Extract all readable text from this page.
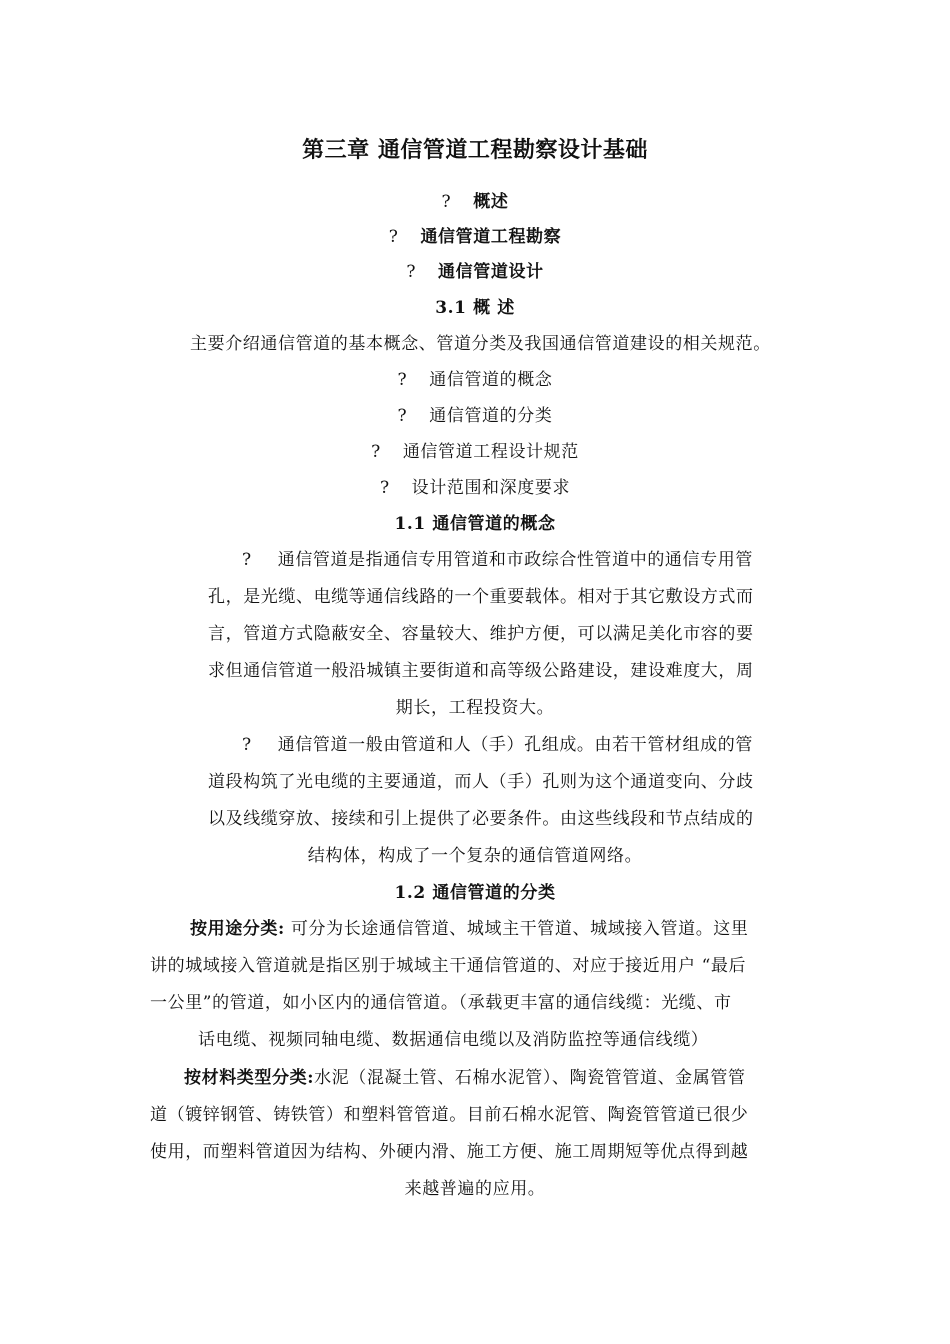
第三章 通信管道工程勘察设计基础
? 概述
? 通信管道工程勘察
? 通信管道设计
3.1 概 述
主要介绍通信管道的基本概念、管道分类及我国通信管道建设的相关规范。
? 通信管道的概念
? 通信管道的分类
? 通信管道工程设计规范
? 设计范围和深度要求
1.1 通信管道的概念
? 通信管道是指通信专用管道和市政综合性管道中的通信专用管
孔，是光缆、电缆等通信线路的一个重要载体。相对于其它敷设方式而
言，管道方式隐蔽安全、容量较大、维护方便，可以满足美化市容的要
求但通信管道一般沿城镇主要街道和高等级公路建设，建设难度大，周
期长，工程投资大。
? 通信管道一般由管道和人（手）孔组成。由若干管材组成的管
道段构筑了光电缆的主要通道，而人（手）孔则为这个通道变向、分歧
以及线缆穿放、接续和引上提供了必要条件。由这些线段和节点结成的
结构体，构成了一个复杂的通信管道网络。
1.2 通信管道的分类
按用途分类: 可分为长途通信管道、城域主干管道、城域接入管道。这里
讲的城域接入管道就是指区别于城域主干通信管道的、对应于接近用户 “最后
一公里”的管道，如小区内的通信管道。（承载更丰富的通信线缆：光缆、市
话电缆、视频同轴电缆、数据通信电缆以及消防监控等通信线缆）
按材料类型分类:水泥（混凝土管、石棉水泥管）、陶瓷管管道、金属管管
道（镀锌钢管、铸铁管）和塑料管管道。目前石棉水泥管、陶瓷管管道已很少
使用，而塑料管道因为结构、外硬内滑、施工方便、施工周期短等优点得到越
来越普遍的应用。
